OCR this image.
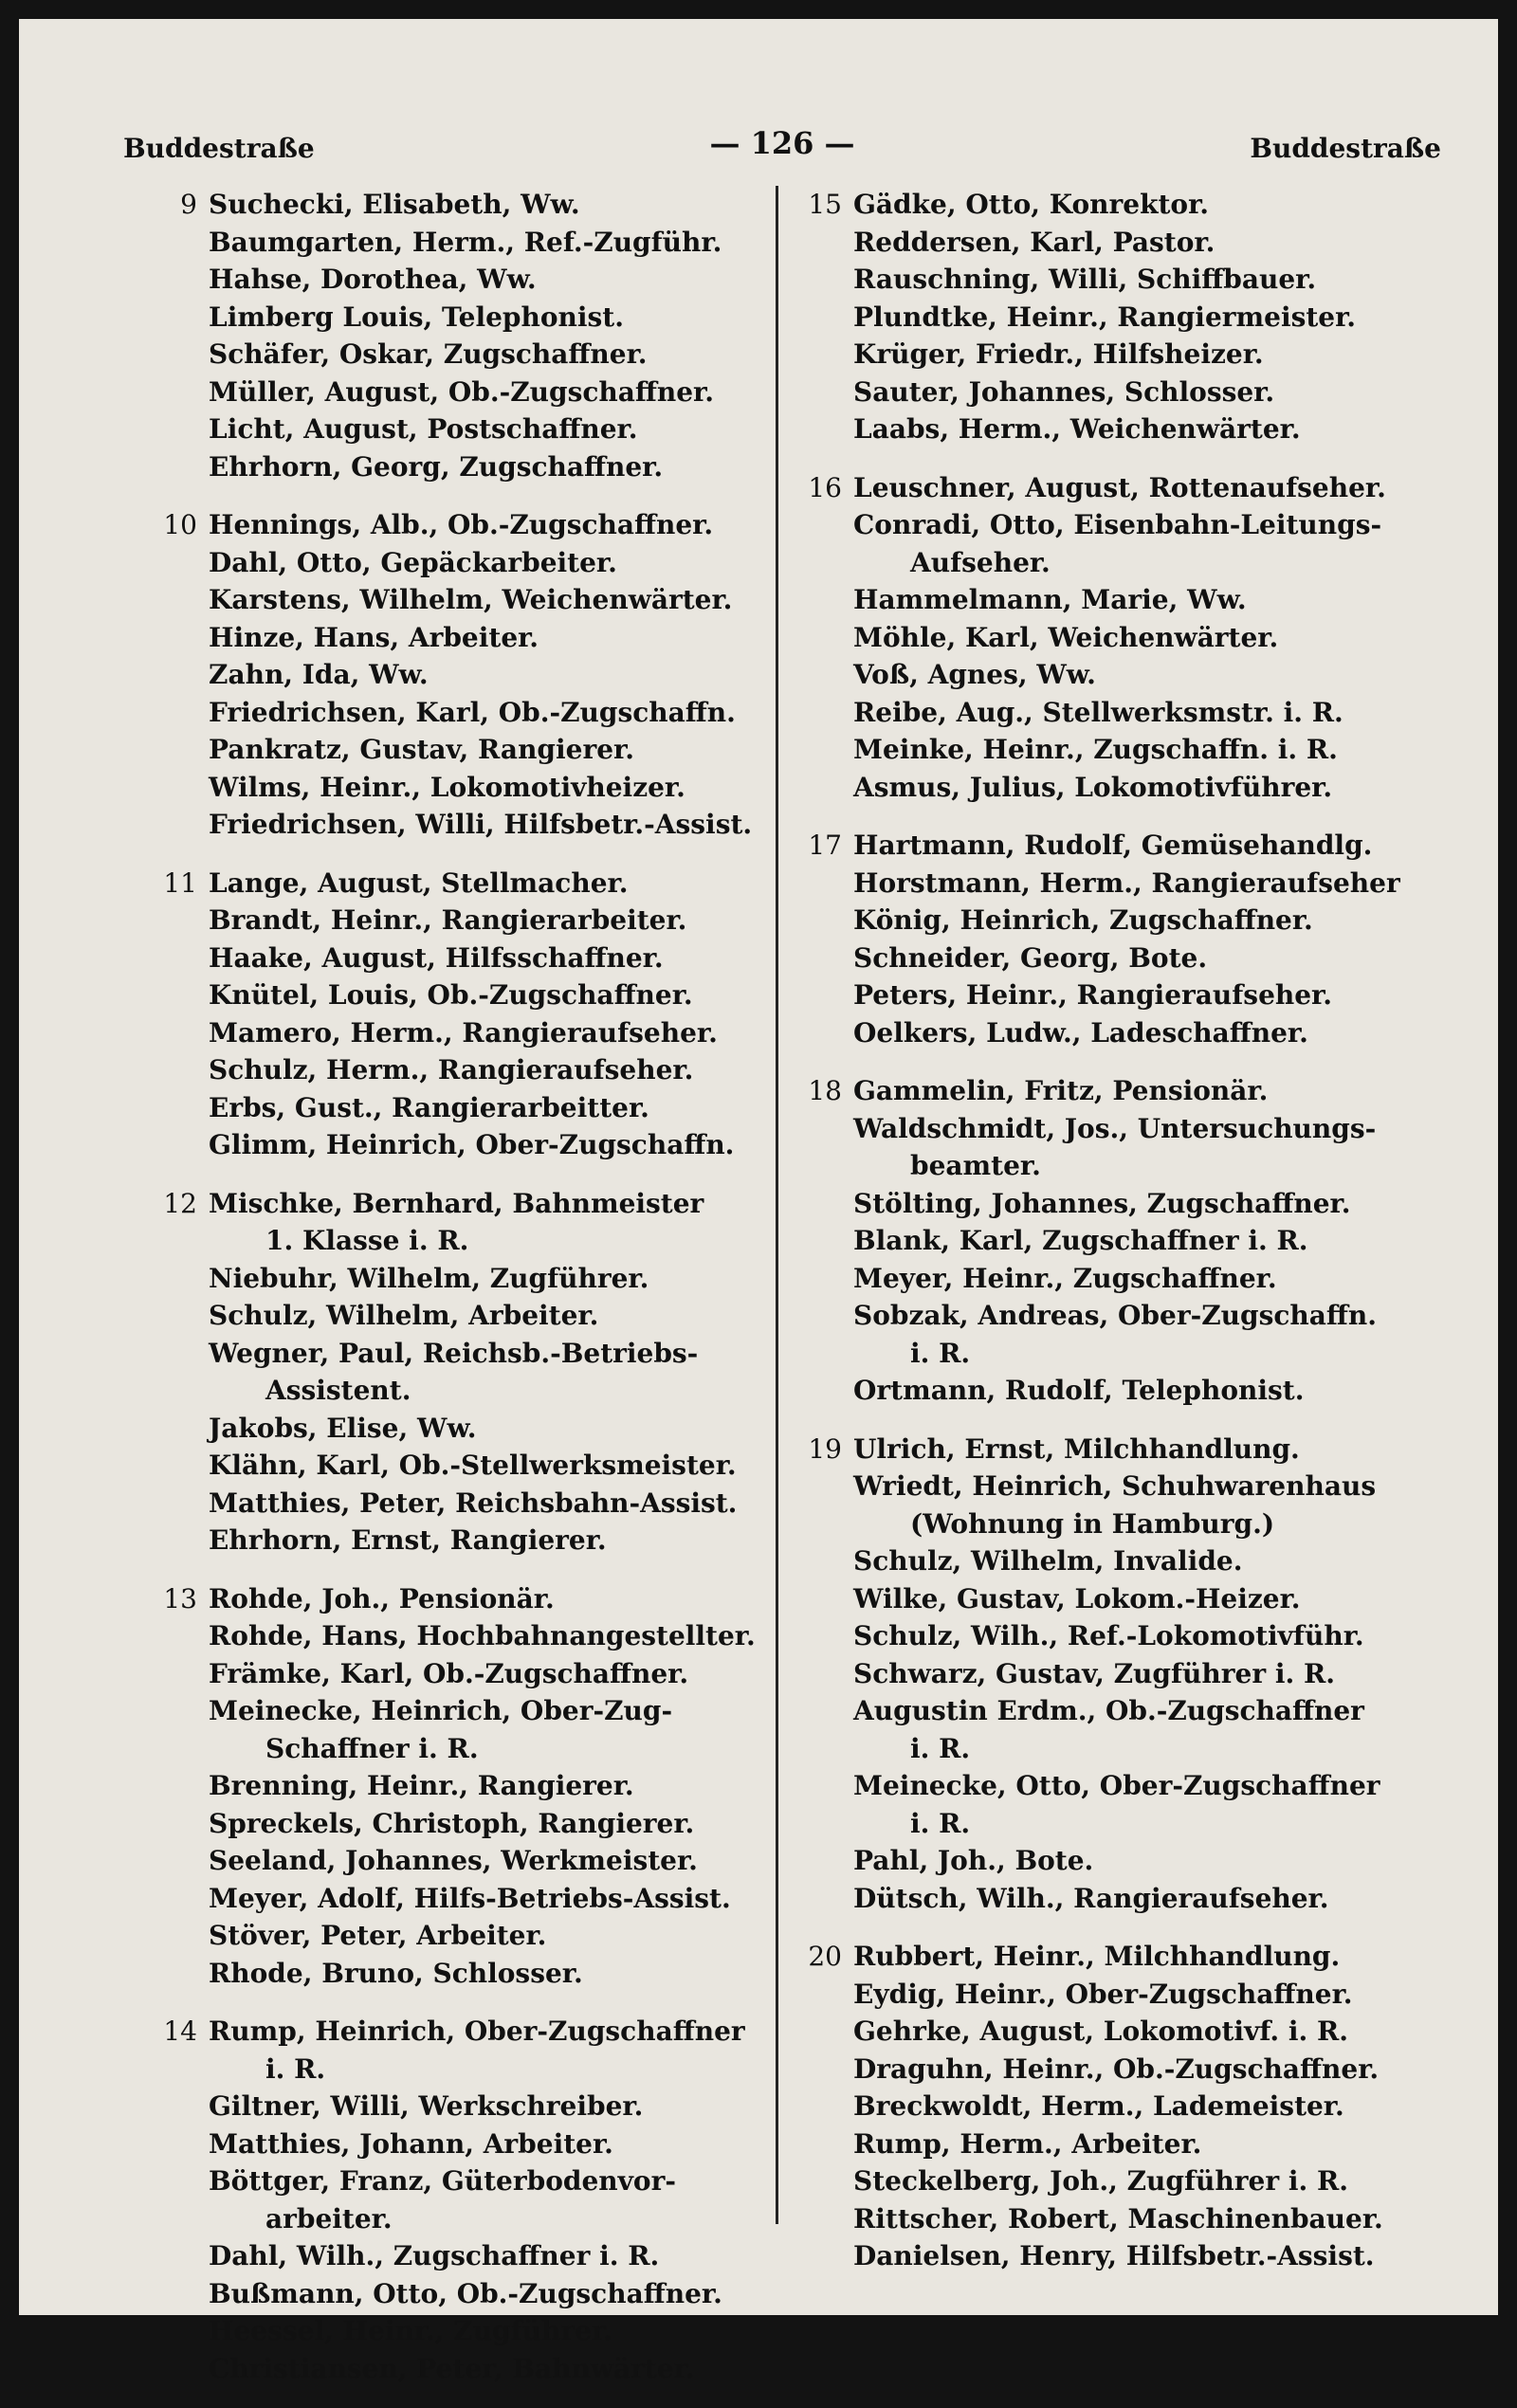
Buddestraße	— 126 —	Buddestraße
9 Suchecki, Elisabeth, Ww.
Baumgarten, Herm., Ref.-Zugführ.
Hahse, Dorothea, Ww.
Limberg Louis, Telephonist.
Schäfer, Oskar, Zugschaffner.
Müller, August, Ob.-Zugschaffner.
Licht, August, Postschaffner.
Ehrhorn, Georg, Zugschaffner.
10 Hennings, Alb., Ob.-Zugschaffner.
Dahl, Otto, Gepäckarbeiter.
Karstens, Wilhelm, Weichenwärter.
Hinze, Hans, Arbeiter.
Zahn, Ida, Ww.
Friedrichsen, Karl, Ob.-Zugschaffn.
Pankratz, Gustav, Rangierer.
Wilms, Heinr., Lokomotivheizer.
Friedrichsen, Willi, Hilfsbetr.-Assist.
11 Lange, August, Stellmacher.
Brandt, Heinr., Rangierarbeiter.
Haake, August, Hilfsschaffner.
Knütel, Louis, Ob.-Zugschaffner.
Mamero, Herm., Rangieraufseher.
Schulz, Herm., Rangieraufseher.
Erbs, Gust., Rangierarbeitter.
Glimm, Heinrich, Ober-Zugschaffn.
12 Mischke, Bernhard, Bahnmeister
1. Klasse i. R.
Niebuhr, Wilhelm, Zugführer.
Schulz, Wilhelm, Arbeiter.
Wegner, Paul, Reichsb.-Betriebs-
Assistent.
Jakobs, Elise, Ww.
Klähn, Karl, Ob.-Stellwerksmeister.
Matthies, Peter, Reichsbahn-Assist.
Ehrhorn, Ernst, Rangierer.
13 Rohde, Joh., Pensionär.
Rohde, Hans, Hochbahnangestellter.
Främke, Karl, Ob.-Zugschaffner.
Meinecke, Heinrich, Ober-Zug-
Schaffner i. R.
Brenning, Heinr., Rangierer.
Spreckels, Christoph, Rangierer.
Seeland, Johannes, Werkmeister.
Meyer, Adolf, Hilfs-Betriebs-Assist.
Stöver, Peter, Arbeiter.
Rhode, Bruno, Schlosser.
14 Rump, Heinrich, Ober-Zugschaffner
i. R.
Giltner, Willi, Werkschreiber.
Matthies, Johann, Arbeiter.
Böttger, Franz, Güterbodenvor-
arbeiter.
Dahl, Wilh., Zugschaffner i. R.
Bußmann, Otto, Ob.-Zugschaffner.
Heessel, Heinr., Zugführer.
Christiansen, Peter, Bahnwärter.
15 Gädke, Otto, Konrektor.
Reddersen, Karl, Pastor.
Rauschning, Willi, Schiffbauer.
Plundtke, Heinr., Rangiermeister.
Krüger, Friedr., Hilfsheizer.
Sauter, Johannes, Schlosser.
Laabs, Herm., Weichenwärter.
16 Leuschner, August, Rottenaufseher.
Conradi, Otto, Eisenbahn-Leitungs-
Aufseher.
Hammelmann, Marie, Ww.
Möhle, Karl, Weichenwärter.
Voß, Agnes, Ww.
Reibe, Aug., Stellwerksmstr. i. R.
Meinke, Heinr., Zugschaffn. i. R.
Asmus, Julius, Lokomotivführer.
17 Hartmann, Rudolf, Gemüsehandlg.
Horstmann, Herm., Rangieraufseher
König, Heinrich, Zugschaffner.
Schneider, Georg, Bote.
Peters, Heinr., Rangieraufseher.
Oelkers, Ludw., Ladeschaffner.
18 Gammelin, Fritz, Pensionär.
Waldschmidt, Jos., Untersuchungs-
beamter.
Stölting, Johannes, Zugschaffner.
Blank, Karl, Zugschaffner i. R.
Meyer, Heinr., Zugschaffner.
Sobzak, Andreas, Ober-Zugschaffn.
i. R.
Ortmann, Rudolf, Telephonist.
19 Ulrich, Ernst, Milchhandlung.
Wriedt, Heinrich, Schuhwarenhaus
(Wohnung in Hamburg.)
Schulz, Wilhelm, Invalide.
Wilke, Gustav, Lokom.-Heizer.
Schulz, Wilh., Ref.-Lokomotivführ.
Schwarz, Gustav, Zugführer i. R.
Augustin Erdm., Ob.-Zugschaffner
i. R.
Meinecke, Otto, Ober-Zugschaffner
i. R.
Pahl, Joh., Bote.
Dütsch, Wilh., Rangieraufseher.
20 Rubbert, Heinr., Milchhandlung.
Eydig, Heinr., Ober-Zugschaffner.
Gehrke, August, Lokomotivf. i. R.
Draguhn, Heinr., Ob.-Zugschaffner.
Breckwoldt, Herm., Lademeister.
Rump, Herm., Arbeiter.
Steckelberg, Joh., Zugführer i. R.
Rittscher, Robert, Maschinenbauer.
Danielsen, Henry, Hilfsbetr.-Assist.
